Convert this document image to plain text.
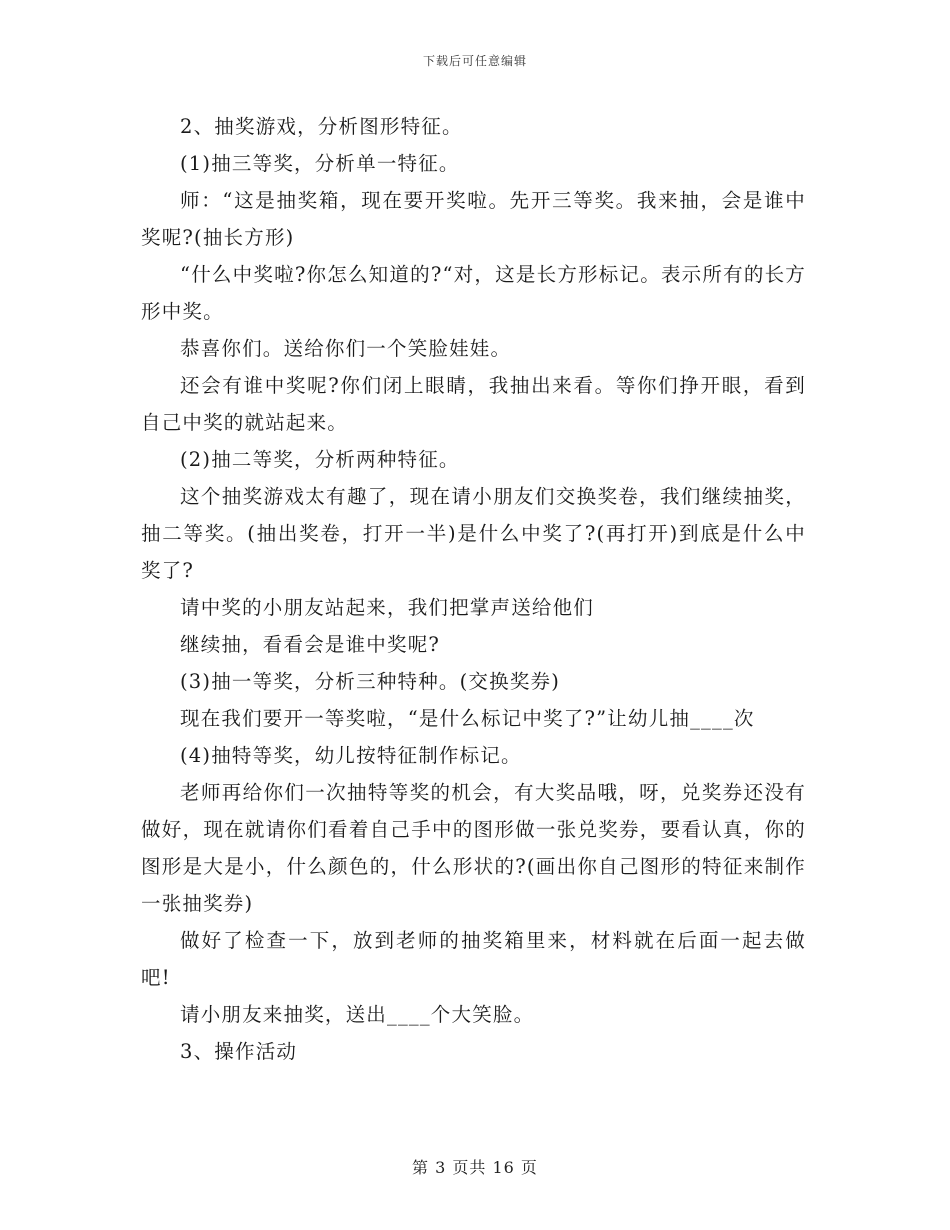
下载后可任意编辑

2、抽奖游戏，分析图形特征。

(1)抽三等奖，分析单一特征。

师：“这是抽奖箱，现在要开奖啦。先开三等奖。我来抽，会是谁中奖呢?(抽长方形)

“什么中奖啦?你怎么知道的?“对，这是长方形标记。表示所有的长方形中奖。

恭喜你们。送给你们一个笑脸娃娃。

还会有谁中奖呢?你们闭上眼睛，我抽出来看。等你们挣开眼，看到自己中奖的就站起来。

(2)抽二等奖，分析两种特征。

这个抽奖游戏太有趣了，现在请小朋友们交换奖卷，我们继续抽奖，抽二等奖。(抽出奖卷，打开一半)是什么中奖了?(再打开)到底是什么中奖了?

请中奖的小朋友站起来，我们把掌声送给他们

继续抽，看看会是谁中奖呢?

(3)抽一等奖，分析三种特种。(交换奖券)

现在我们要开一等奖啦，“是什么标记中奖了?”让幼儿抽____次

(4)抽特等奖，幼儿按特征制作标记。

老师再给你们一次抽特等奖的机会，有大奖品哦，呀，兑奖券还没有做好，现在就请你们看着自己手中的图形做一张兑奖券，要看认真，你的图形是大是小，什么颜色的，什么形状的?(画出你自己图形的特征来制作一张抽奖券)

做好了检查一下，放到老师的抽奖箱里来，材料就在后面一起去做吧!

请小朋友来抽奖，送出____个大笑脸。

3、操作活动

第 3 页共 16 页
